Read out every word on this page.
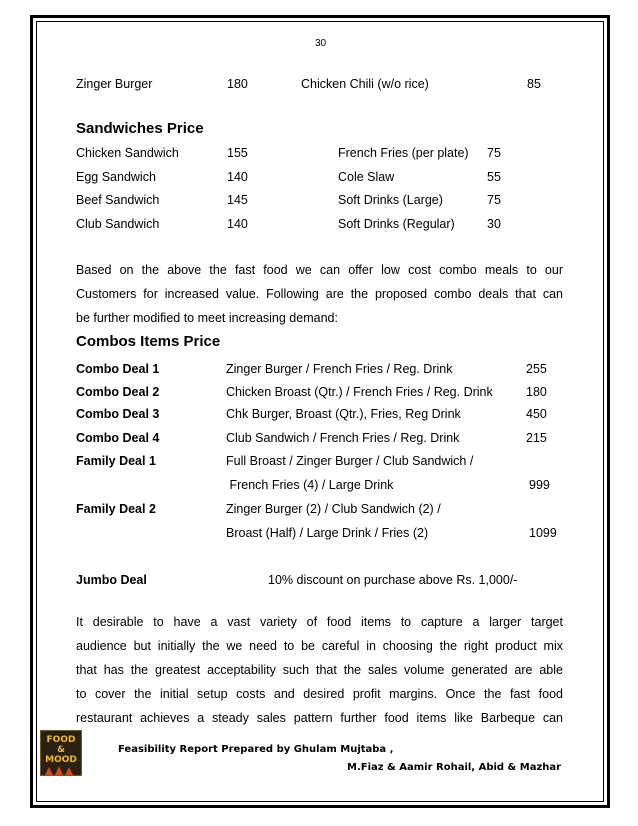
30
Zinger Burger	180	Chicken Chili (w/o rice)	85
Sandwiches Price
Chicken Sandwich	155	French Fries (per plate) 75
Egg Sandwich	140	Cole Slaw	55
Beef Sandwich	145	Soft Drinks (Large)	75
Club Sandwich	140	Soft Drinks (Regular)	30
Based on the above the fast food we can offer low cost combo meals to our
Customers for increased value. Following are the proposed combo deals that can
be further modified to meet increasing demand:
Combos Items Price
Combo Deal 1	Zinger Burger / French Fries / Reg. Drink	255
Combo Deal 2	Chicken Broast (Qtr.) / French Fries / Reg. Drink	180
Combo Deal 3	Chk Burger, Broast (Qtr.), Fries, Reg Drink	450
Combo Deal 4	Club Sandwich / French Fries / Reg. Drink	215
Family Deal 1	Full Broast / Zinger Burger / Club Sandwich /
French Fries (4) / Large Drink	999
Family Deal 2	Zinger Burger (2) / Club Sandwich (2) /
Broast (Half) / Large Drink / Fries (2)	1099
Jumbo Deal	10% discount on purchase above Rs. 1,000/-
It desirable to have a vast variety of food items to capture a larger target
audience but initially the we need to be careful in choosing the right product mix
that has the greatest acceptability such that the sales volume generated are able
to cover the initial setup costs and desired profit margins. Once the fast food
restaurant achieves a steady sales pattern further food items like Barbeque can
FOOD
&
MOOD
Feasibility Report Prepared by Ghulam Mujtaba ,
M.Fiaz & Aamir Rohail, Abid & Mazhar
